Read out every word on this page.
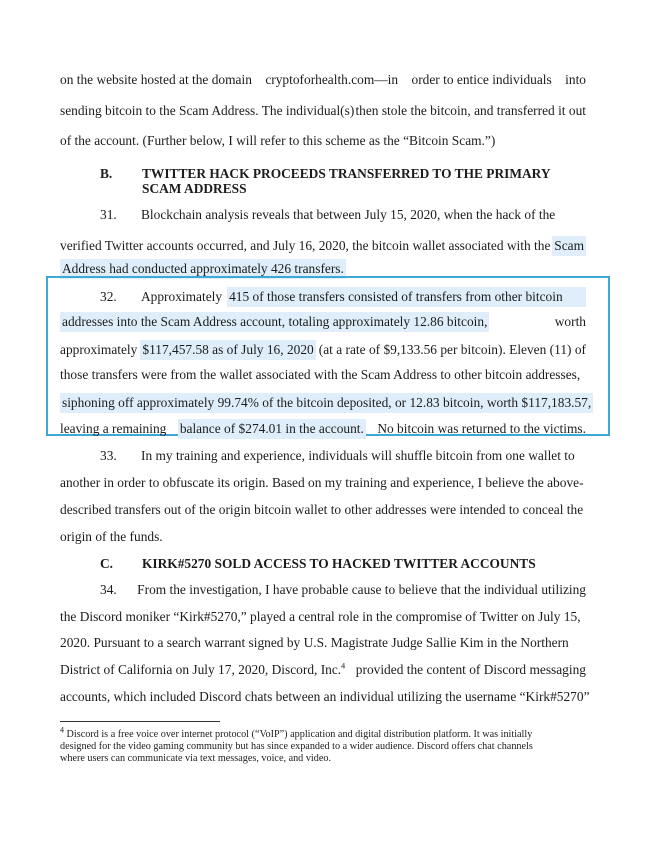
on the website hosted at the domain cryptoforhealth.com—in order to entice individuals into
sending bitcoin to the Scam Address. The individual(s) then stole the bitcoin, and transferred it out
of the account. (Further below, I will refer to this scheme as the “Bitcoin Scam.”)
B. TWITTER HACK PROCEEDS TRANSFERRED TO THE PRIMARY
SCAM ADDRESS
31.	Blockchain analysis reveals that between July 15, 2020, when the hack of the
verified Twitter accounts occurred, and July 16, 2020, the bitcoin wallet associated with the Scam
Address had conducted approximately 426 transfers.
32.	Approximately 415 of those transfers consisted of transfers from other bitcoin
addresses into the Scam Address account, totaling approximately 12.86 bitcoin,	worth
approximately $117,457.58 as of July 16, 2020 (at a rate of $9,133.56 per bitcoin). Eleven (11) of
those transfers were from the wallet associated with the Scam Address to other bitcoin addresses,
siphoning off approximately 99.74% of the bitcoin deposited, or 12.83 bitcoin, worth $117,183.57,
leaving a remaining balance of $274.01 in the account. No bitcoin was returned to the victims.
33.	In my training and experience, individuals will shuffle bitcoin from one wallet to
another in order to obfuscate its origin. Based on my training and experience, I believe the above-
described transfers out of the origin bitcoin wallet to other addresses were intended to conceal the
origin of the funds.
C. KIRK#5270 SOLD ACCESS TO HACKED TWITTER ACCOUNTS
34.	From the investigation, I have probable cause to believe that the individual utilizing
the Discord moniker “Kirk#5270,” played a central role in the compromise of Twitter on July 15,
2020. Pursuant to a search warrant signed by U.S. Magistrate Judge Sallie Kim in the Northern
District of California on July 17, 2020, Discord, Inc.$^4$ provided the content of Discord messaging
accounts, which included Discord chats between an individual utilizing the username “Kirk#5270”
$^4$ Discord is a free voice over internet protocol (“VoIP”) application and digital distribution platform. It was initially
designed for the video gaming community but has since expanded to a wider audience. Discord offers chat channels
where users can communicate via text messages, voice, and video.
